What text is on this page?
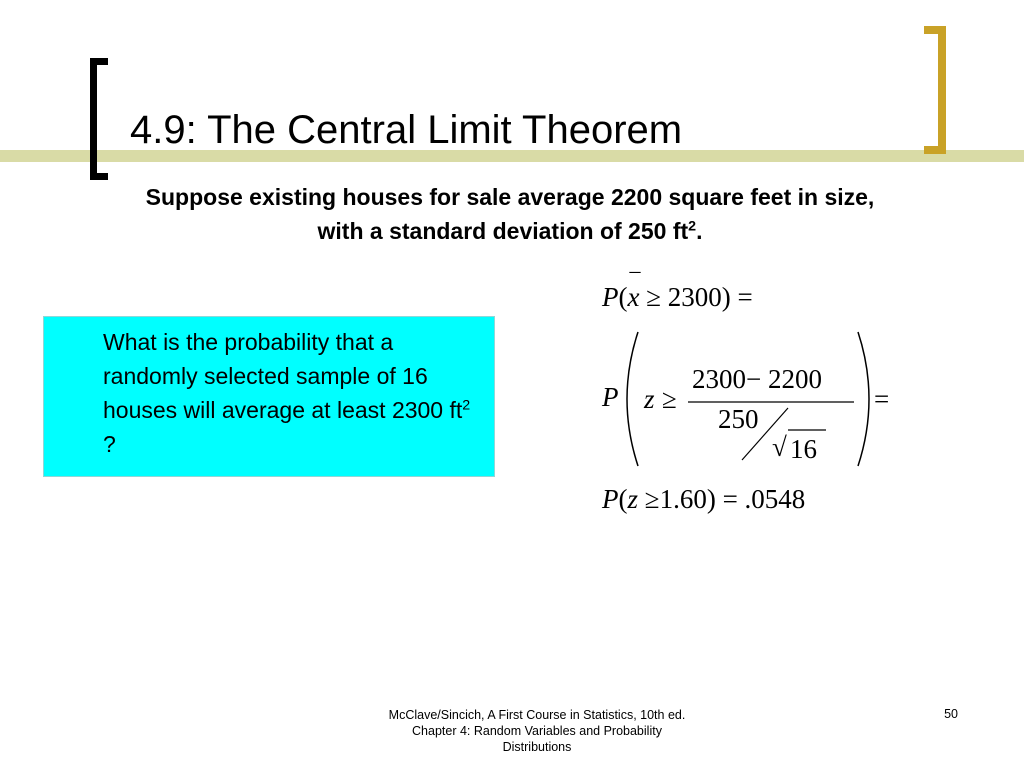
4.9: The Central Limit Theorem
Suppose existing houses for sale average 2200 square feet in size, with a standard deviation of 250 $ft^2$.
What is the probability that a randomly selected sample of 16 houses will average at least 2300 $ft^2$ ?
P(
_
x ≥ 2300) =
P z ≥
2300− 2200
250
√ 16
=
P(z ≥1.60) = .0548
McClave/Sincich, A First Course in Statistics, 10th ed. Chapter 4: Random Variables and Probability Distributions
50
